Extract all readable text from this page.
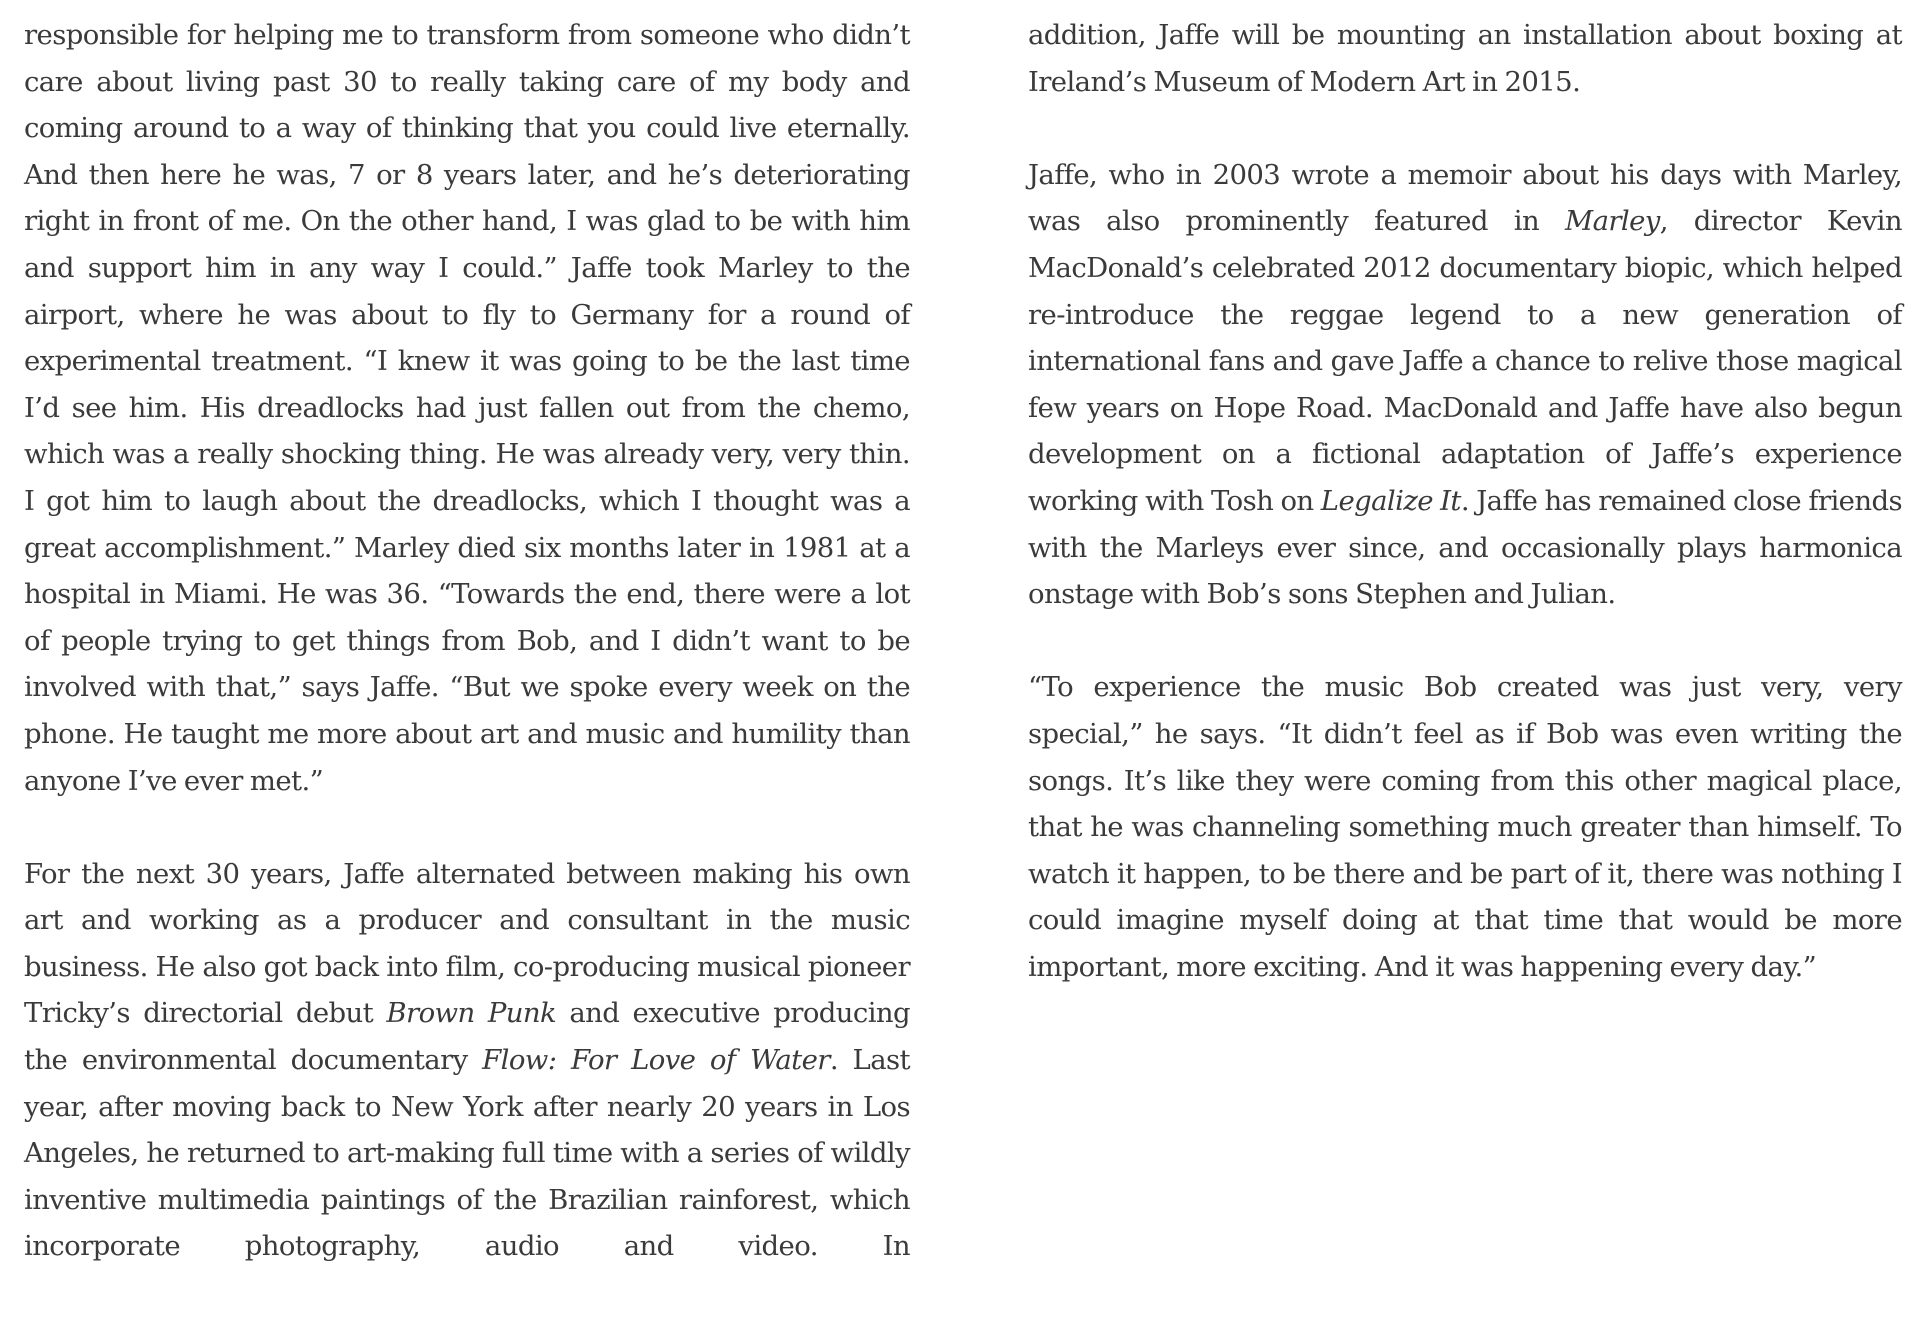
responsible for helping me to transform from someone who didn’t care about living past 30 to really taking care of my body and coming around to a way of thinking that you could live eternally. And then here he was, 7 or 8 years later, and he’s deteriorating right in front of me. On the other hand, I was glad to be with him and support him in any way I could.” Jaffe took Marley to the airport, where he was about to fly to Germany for a round of experimental treatment. “I knew it was going to be the last time I’d see him. His dreadlocks had just fallen out from the chemo, which was a really shocking thing. He was already very, very thin. I got him to laugh about the dreadlocks, which I thought was a great accomplishment.” Marley died six months later in 1981 at a hospital in Miami. He was 36. “Towards the end, there were a lot of people trying to get things from Bob, and I didn’t want to be involved with that,” says Jaffe. “But we spoke every week on the phone. He taught me more about art and music and humility than anyone I’ve ever met.”

For the next 30 years, Jaffe alternated between making his own art and working as a producer and consultant in the music business. He also got back into film, co-producing musical pioneer Tricky’s directorial debut Brown Punk and executive producing the environmental documentary Flow: For Love of Water. Last year, after moving back to New York after nearly 20 years in Los Angeles, he returned to art-making full time with a series of wildly inventive multimedia paintings of the Brazilian rainforest, which incorporate photography, audio and video. In

addition, Jaffe will be mounting an installation about boxing at Ireland’s Museum of Modern Art in 2015.

Jaffe, who in 2003 wrote a memoir about his days with Marley, was also prominently featured in Marley, director Kevin MacDonald’s celebrated 2012 documentary biopic, which helped re-introduce the reggae legend to a new generation of international fans and gave Jaffe a chance to relive those magical few years on Hope Road. MacDonald and Jaffe have also begun development on a fictional adaptation of Jaffe’s experience working with Tosh on Legalize It. Jaffe has remained close friends with the Marleys ever since, and occasionally plays harmonica onstage with Bob’s sons Stephen and Julian.

“To experience the music Bob created was just very, very special,” he says. “It didn’t feel as if Bob was even writing the songs. It’s like they were coming from this other magical place, that he was channeling something much greater than himself. To watch it happen, to be there and be part of it, there was nothing I could imagine myself doing at that time that would be more important, more exciting. And it was happening every day.”
